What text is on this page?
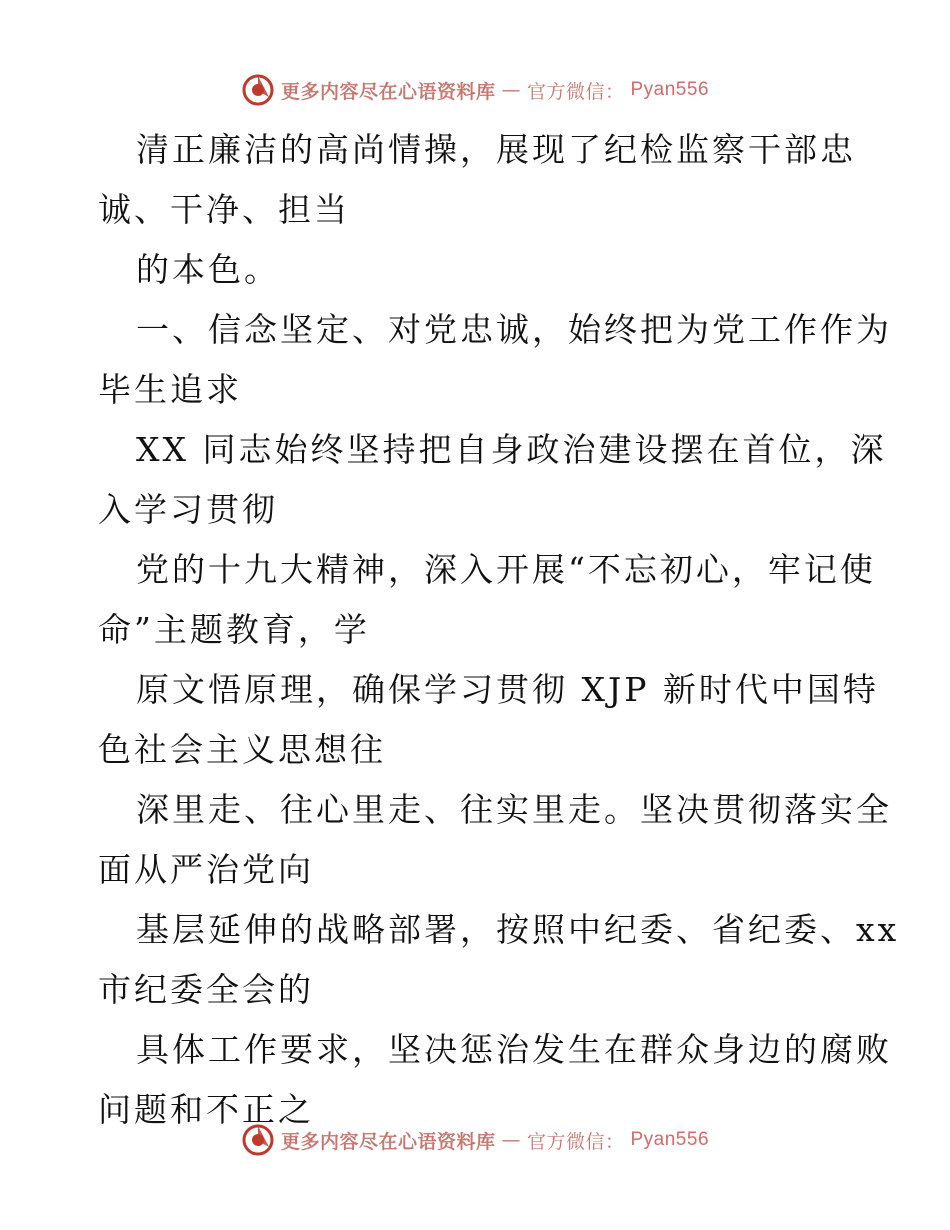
更多内容尽在心语资料库 — 官方微信： Pyan556
清正廉洁的高尚情操，展现了纪检监察干部忠
诚、干净、担当
的本色。
一、信念坚定、对党忠诚，始终把为党工作作为
毕生追求
XX 同志始终坚持把自身政治建设摆在首位，深
入学习贯彻
党的十九大精神，深入开展“不忘初心，牢记使
命”主题教育，学
原文悟原理，确保学习贯彻 XJP 新时代中国特
色社会主义思想往
深里走、往心里走、往实里走。坚决贯彻落实全
面从严治党向
基层延伸的战略部署，按照中纪委、省纪委、xx
市纪委全会的
具体工作要求，坚决惩治发生在群众身边的腐败
问题和不正之
更多内容尽在心语资料库 — 官方微信： Pyan556
